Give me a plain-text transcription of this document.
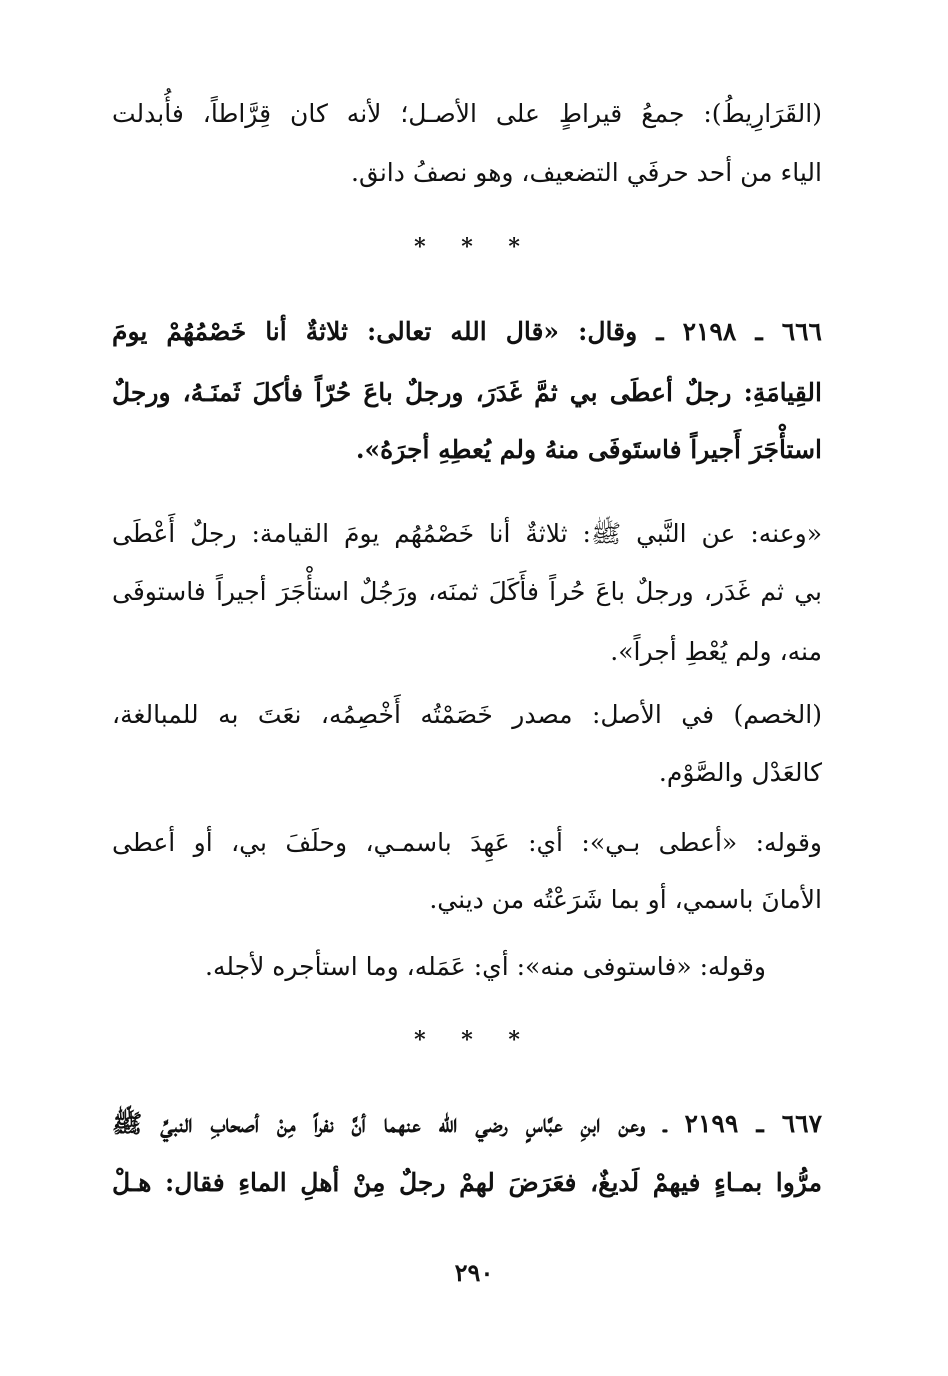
(القَرَارِيطُ): جمعُ قيراطٍ على الأصـل؛ لأنه كان قِرَّاطاً، فأُبدلت
الياء من أحد حرفَي التضعيف، وهو نصفُ دانق.
* * *
٦٦٦ ـ ٢١٩٨ ـ وقال: «قال الله تعالى: ثلاثةٌ أنا خَصْمُهُمْ يومَ
القِيامَةِ: رجلٌ أعطَى بي ثمَّ غَدَرَ، ورجلٌ باعَ حُرّاً فأكلَ ثَمنَـهُ، ورجلٌ
استأْجَرَ أَجيراً فاستَوفَى منهُ ولم يُعطِهِ أجرَهُ».
«وعنه: عن النَّبي ﷺ: ثلاثةٌ أنا خَصْمُهُم يومَ القيامة: رجلٌ أَعْطَى
بي ثم غَدَر، ورجلٌ باعَ حُراً فأَكَلَ ثمنَه، ورَجُلٌ استأْجَرَ أجيراً فاستوفَى
منه، ولم يُعْطِ أجراً».
(الخصم) في الأصل: مصدر خَصَمْتُه أَخْصِمُه، نعَتَ به للمبالغة،
كالعَدْل والصَّوْم.
وقوله: «أعطى بـي»: أي: عَهِدَ باسمـي، وحلَفَ بي، أو أعطى
الأمانَ باسمي، أو بما شَرَعْتُه من ديني.
وقوله: «فاستوفى منه»: أي: عَمَله، وما استأجره لأجله.
* * *
٦٦٧ ـ ٢١٩٩ ـ وعن ابنِ عبَّاسٍ رضي الله عنهما أنَّ نفراً مِنْ أصحابِ النبيِّ ﷺ
مرُّوا بمـاءٍ فيهمْ لَديغٌ، فعَرَضَ لهمْ رجلٌ مِنْ أهلِ الماءِ فقال: هـلْ
٢٩٠
